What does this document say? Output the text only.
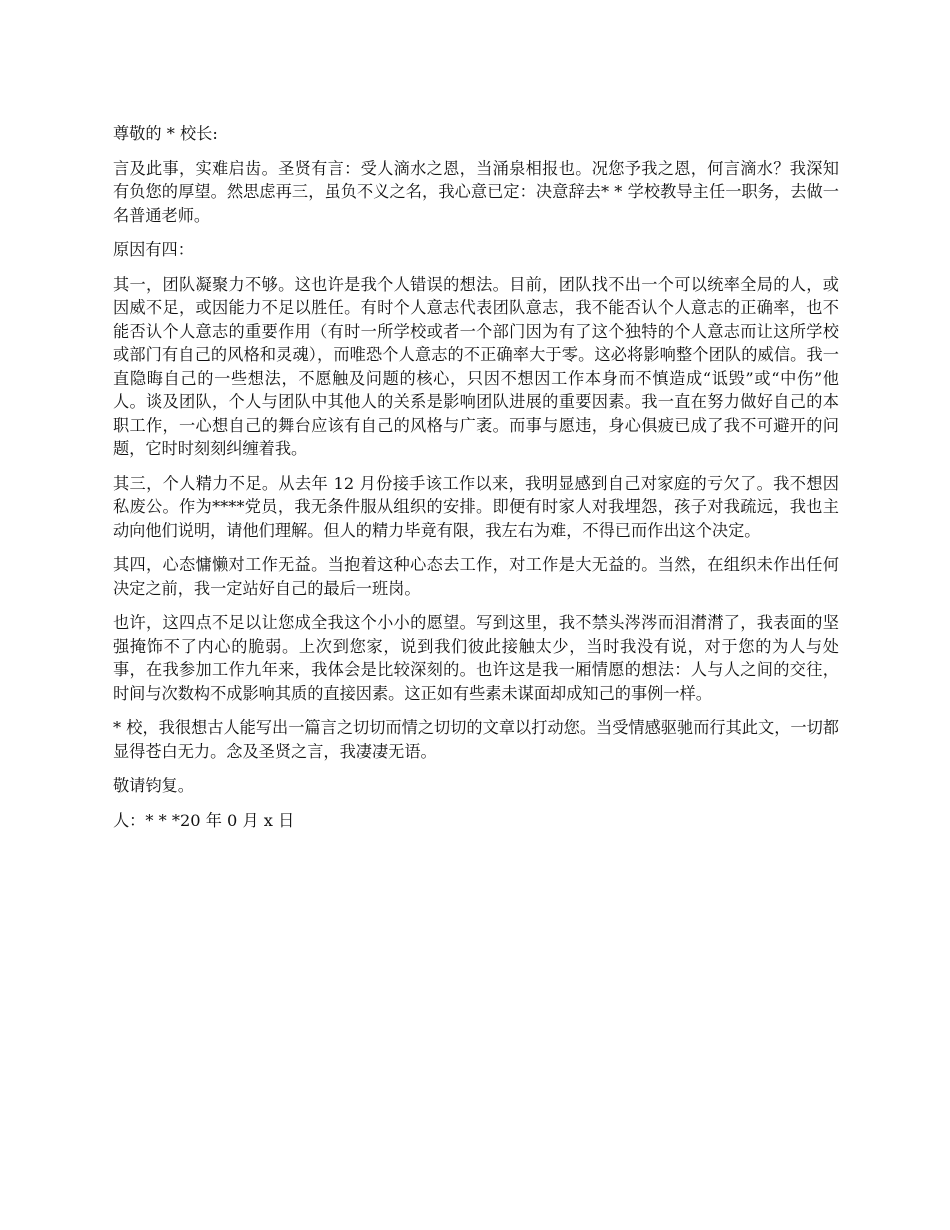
尊敬的 * 校长:

言及此事，实难启齿。圣贤有言：受人滴水之恩，当涌泉相报也。况您予我之恩，何言滴水？我深知有负您的厚望。然思虑再三，虽负不义之名，我心意已定：决意辞去* * 学校教导主任一职务，去做一名普通老师。

原因有四：

其一，团队凝聚力不够。这也许是我个人错误的想法。目前，团队找不出一个可以统率全局的人，或因威不足，或因能力不足以胜任。有时个人意志代表团队意志，我不能否认个人意志的正确率，也不能否认个人意志的重要作用（有时一所学校或者一个部门因为有了这个独特的个人意志而让这所学校或部门有自己的风格和灵魂），而唯恐个人意志的不正确率大于零。这必将影响整个团队的威信。我一直隐晦自己的一些想法，不愿触及问题的核心，只因不想因工作本身而不慎造成“诋毁”或“中伤”他人。谈及团队，个人与团队中其他人的关系是影响团队进展的重要因素。我一直在努力做好自己的本职工作，一心想自己的舞台应该有自己的风格与广袤。而事与愿违，身心俱疲已成了我不可避开的问题，它时时刻刻纠缠着我。

其三，个人精力不足。从去年 12 月份接手该工作以来，我明显感到自己对家庭的亏欠了。我不想因私废公。作为****党员，我无条件服从组织的安排。即便有时家人对我埋怨，孩子对我疏远，我也主动向他们说明，请他们理解。但人的精力毕竟有限，我左右为难，不得已而作出这个决定。

其四，心态慵懒对工作无益。当抱着这种心态去工作，对工作是大无益的。当然，在组织未作出任何决定之前，我一定站好自己的最后一班岗。

也许，这四点不足以让您成全我这个小小的愿望。写到这里，我不禁头涔涔而泪潸潸了，我表面的坚强掩饰不了内心的脆弱。上次到您家，说到我们彼此接触太少，当时我没有说，对于您的为人与处事，在我参加工作九年来，我体会是比较深刻的。也许这是我一厢情愿的想法：人与人之间的交往，时间与次数构不成影响其质的直接因素。这正如有些素未谋面却成知己的事例一样。

* 校，我很想古人能写出一篇言之切切而情之切切的文章以打动您。当受情感驱驰而行其此文，一切都显得苍白无力。念及圣贤之言，我凄凄无语。

敬请钧复。

人：* * *20 年 0 月 x 日
